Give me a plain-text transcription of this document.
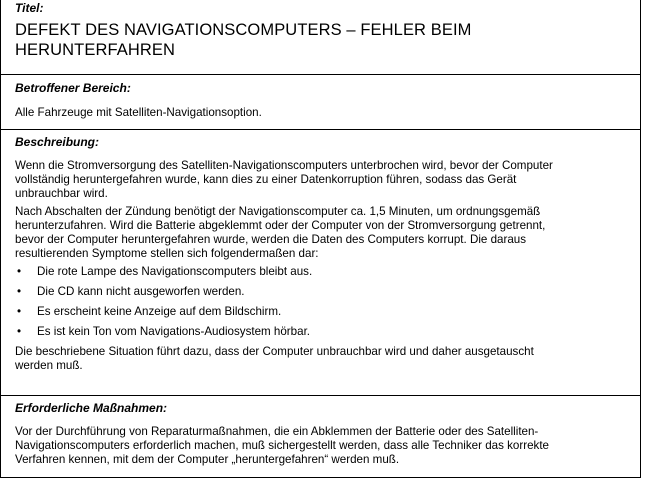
Titel:
DEFEKT DES NAVIGATIONSCOMPUTERS – FEHLER BEIM
HERUNTERFAHREN
Betroffener Bereich:
Alle Fahrzeuge mit Satelliten-Navigationsoption.
Beschreibung:

Wenn die Stromversorgung des Satelliten-Navigationscomputers unterbrochen wird, bevor der Computer
vollständig heruntergefahren wurde, kann dies zu einer Datenkorruption führen, sodass das Gerät
unbrauchbar wird.

Nach Abschalten der Zündung benötigt der Navigationscomputer ca. 1,5 Minuten, um ordnungsgemäß
herunterzufahren. Wird die Batterie abgeklemmt oder der Computer von der Stromversorgung getrennt,
bevor der Computer heruntergefahren wurde, werden die Daten des Computers korrupt. Die daraus
resultierenden Symptome stellen sich folgendermaßen dar:

• Die rote Lampe des Navigationscomputers bleibt aus.
• Die CD kann nicht ausgeworfen werden.
• Es erscheint keine Anzeige auf dem Bildschirm.
• Es ist kein Ton vom Navigations-Audiosystem hörbar.

Die beschriebene Situation führt dazu, dass der Computer unbrauchbar wird und daher ausgetauscht
werden muß.

Erforderliche Maßnahmen:
Vor der Durchführung von Reparaturmaßnahmen, die ein Abklemmen der Batterie oder des Satelliten-
Navigationscomputers erforderlich machen, muß sichergestellt werden, dass alle Techniker das korrekte
Verfahren kennen, mit dem der Computer „heruntergefahren“ werden muß.
